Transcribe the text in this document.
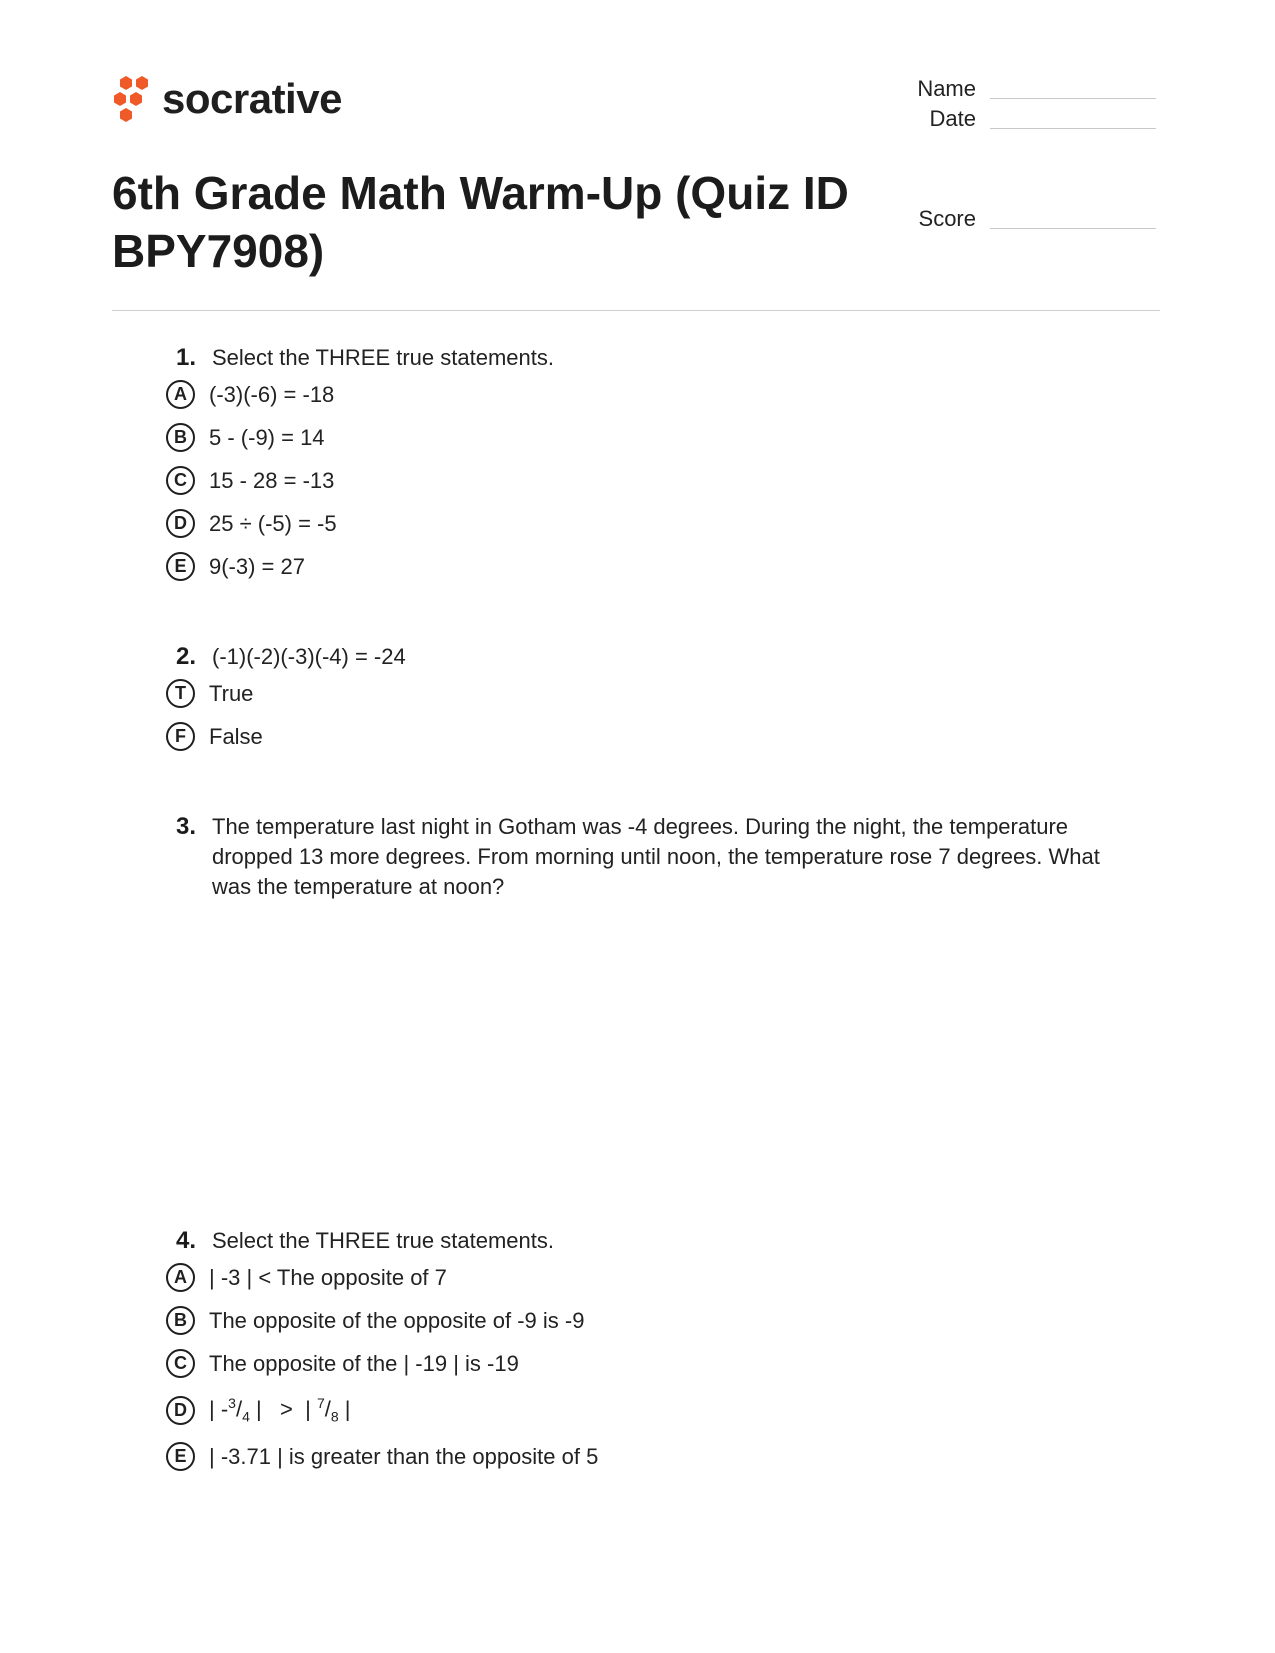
socrative	Name
Date
Score
6th Grade Math Warm-Up (Quiz ID BPY7908)
1. Select the THREE true statements.
A	(-3)(-6) = -18
B	5 - (-9) = 14
C	15 - 28 = -13
D	25 ÷ (-5) = -5
E	9(-3) = 27
2. (-1)(-2)(-3)(-4) = -24
T	True
F	False
3. The temperature last night in Gotham was -4 degrees. During the night, the temperature dropped 13 more degrees. From morning until noon, the temperature rose 7 degrees. What was the temperature at noon?
4. Select the THREE true statements.
A	| -3 | < The opposite of 7
B	The opposite of the opposite of -9 is -9
C	The opposite of the | -19 | is -19
D	| $-^3/_4$ |   >  | $^7/_8$ |
E	| -3.71 | is greater than the opposite of 5
